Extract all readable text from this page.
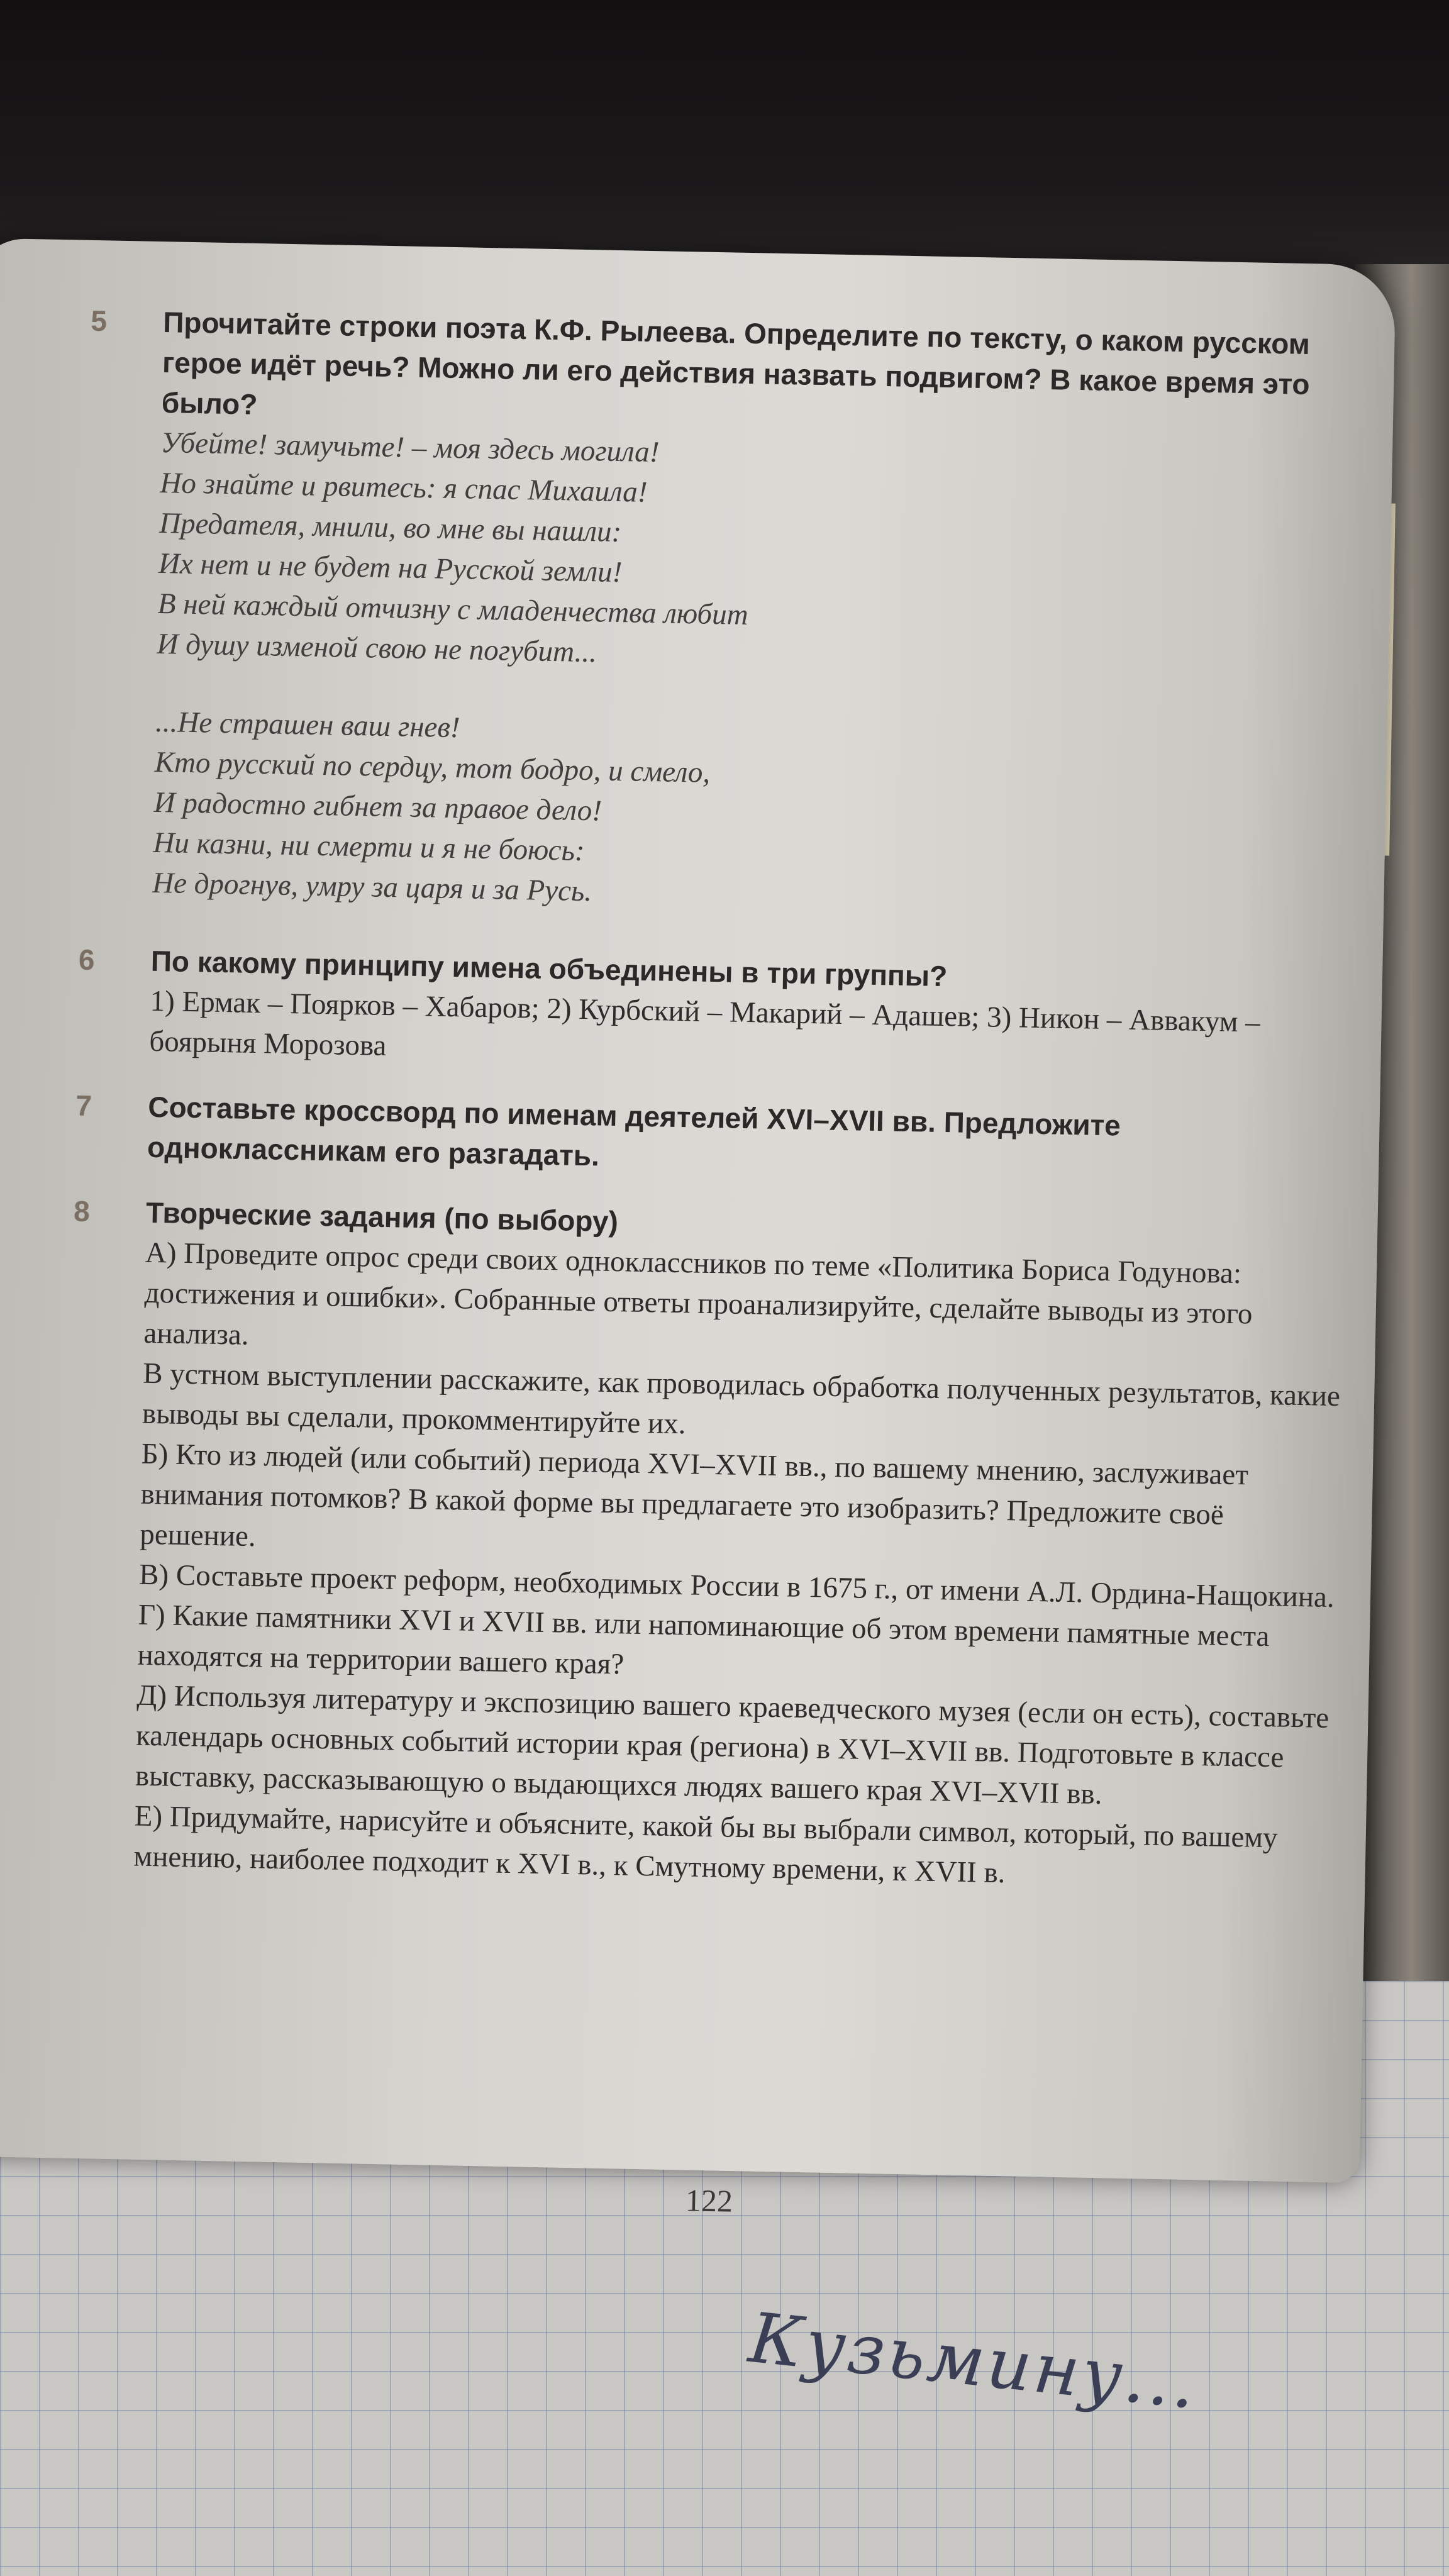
Кузьмину...
5 Прочитайте строки поэта К.Ф. Рылеева. Определите по тексту, о каком русском герое идёт речь? Можно ли его действия назвать подвигом? В какое время это было?

Убейте! замучьте! – моя здесь могила!

Но знайте и рвитесь: я спас Михаила!

Предателя, мнили, во мне вы нашли:

Их нет и не будет на Русской земли!

В ней каждый отчизну с младенчества любит

И душу изменой свою не погубит...

...Не страшен ваш гнев!

Кто русский по сердцу, тот бодро, и смело,

И радостно гибнет за правое дело!

Ни казни, ни смерти и я не боюсь:

Не дрогнув, умру за царя и за Русь.

6 По какому принципу имена объединены в три группы?
1) Ермак – Поярков – Хабаров; 2) Курбский – Макарий – Адашев; 3) Никон – Аввакум – боярыня Морозова
7 Составьте кроссворд по именам деятелей XVI–XVII вв. Предложите одноклассникам его разгадать.
8 Творческие задания (по выбору)

А) Проведите опрос среди своих одноклассников по теме «Политика Бориса Годунова: достижения и ошибки». Собранные ответы проанализируйте, сделайте выводы из этого анализа.

В устном выступлении расскажите, как проводилась обработка полученных результатов, какие выводы вы сделали, прокомментируйте их.

Б) Кто из людей (или событий) периода XVI–XVII вв., по вашему мнению, заслуживает внимания потомков? В какой форме вы предлагаете это изобразить? Предложите своё решение.

В) Составьте проект реформ, необходимых России в 1675 г., от имени А.Л. Ордина-Нащокина.

Г) Какие памятники XVI и XVII вв. или напоминающие об этом времени памятные места находятся на территории вашего края?

Д) Используя литературу и экспозицию вашего краеведческого музея (если он есть), составьте календарь основных событий истории края (региона) в XVI–XVII вв. Подготовьте в классе выставку, рассказывающую о выдающихся людях вашего края XVI–XVII вв.

Е) Придумайте, нарисуйте и объясните, какой бы вы выбрали символ, который, по вашему мнению, наиболее подходит к XVI в., к Смутному времени, к XVII в.

122
